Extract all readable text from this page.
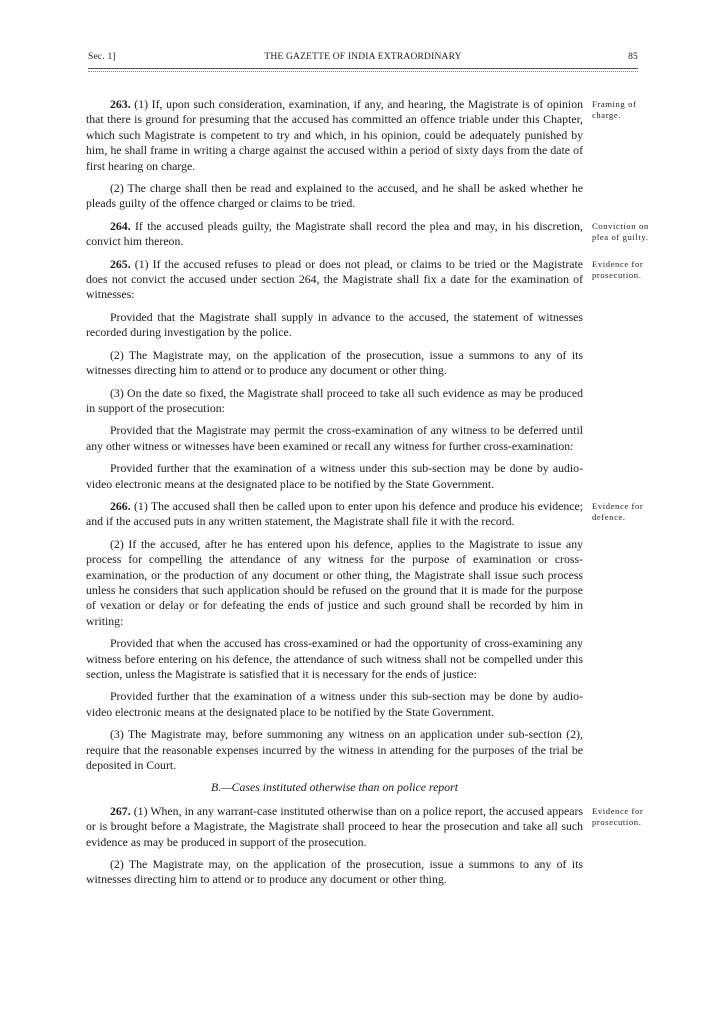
Sec. 1]	THE GAZETTE OF INDIA EXTRAORDINARY	85

263. (1) If, upon such consideration, examination, if any, and hearing, the Magistrate is of opinion that there is ground for presuming that the accused has committed an offence triable under this Chapter, which such Magistrate is competent to try and which, in his opinion, could be adequately punished by him, he shall frame in writing a charge against the accused within a period of sixty days from the date of first hearing on charge.

(2) The charge shall then be read and explained to the accused, and he shall be asked whether he pleads guilty of the offence charged or claims to be tried.

264. If the accused pleads guilty, the Magistrate shall record the plea and may, in his discretion, convict him thereon.

265. (1) If the accused refuses to plead or does not plead, or claims to be tried or the Magistrate does not convict the accused under section 264, the Magistrate shall fix a date for the examination of witnesses:

Provided that the Magistrate shall supply in advance to the accused, the statement of witnesses recorded during investigation by the police.

(2) The Magistrate may, on the application of the prosecution, issue a summons to any of its witnesses directing him to attend or to produce any document or other thing.

(3) On the date so fixed, the Magistrate shall proceed to take all such evidence as may be produced in support of the prosecution:

Provided that the Magistrate may permit the cross-examination of any witness to be deferred until any other witness or witnesses have been examined or recall any witness for further cross-examination:

Provided further that the examination of a witness under this sub-section may be done by audio-video electronic means at the designated place to be notified by the State Government.

266. (1) The accused shall then be called upon to enter upon his defence and produce his evidence; and if the accused puts in any written statement, the Magistrate shall file it with the record.

(2) If the accused, after he has entered upon his defence, applies to the Magistrate to issue any process for compelling the attendance of any witness for the purpose of examination or cross-examination, or the production of any document or other thing, the Magistrate shall issue such process unless he considers that such application should be refused on the ground that it is made for the purpose of vexation or delay or for defeating the ends of justice and such ground shall be recorded by him in writing:

Provided that when the accused has cross-examined or had the opportunity of cross-examining any witness before entering on his defence, the attendance of such witness shall not be compelled under this section, unless the Magistrate is satisfied that it is necessary for the ends of justice:

Provided further that the examination of a witness under this sub-section may be done by audio-video electronic means at the designated place to be notified by the State Government.

(3) The Magistrate may, before summoning any witness on an application under sub-section (2), require that the reasonable expenses incurred by the witness in attending for the purposes of the trial be deposited in Court.

B.—Cases instituted otherwise than on police report

267. (1) When, in any warrant-case instituted otherwise than on a police report, the accused appears or is brought before a Magistrate, the Magistrate shall proceed to hear the prosecution and take all such evidence as may be produced in support of the prosecution.

(2) The Magistrate may, on the application of the prosecution, issue a summons to any of its witnesses directing him to attend or to produce any document or other thing.

Framing of charge.
Conviction on plea of guilty.
Evidence for prosecution.
Evidence for defence.
Evidence for prosecution.
